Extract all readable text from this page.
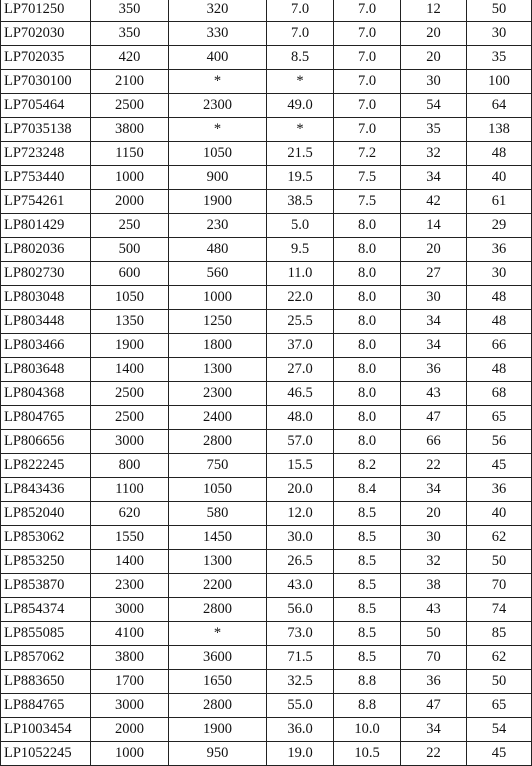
LP701250	350	320	7.0	7.0	12	50
LP702030	350	330	7.0	7.0	20	30
LP702035	420	400	8.5	7.0	20	35
LP7030100	2100	*	*	7.0	30	100
LP705464	2500	2300	49.0	7.0	54	64
LP7035138	3800	*	*	7.0	35	138
LP723248	1150	1050	21.5	7.2	32	48
LP753440	1000	900	19.5	7.5	34	40
LP754261	2000	1900	38.5	7.5	42	61
LP801429	250	230	5.0	8.0	14	29
LP802036	500	480	9.5	8.0	20	36
LP802730	600	560	11.0	8.0	27	30
LP803048	1050	1000	22.0	8.0	30	48
LP803448	1350	1250	25.5	8.0	34	48
LP803466	1900	1800	37.0	8.0	34	66
LP803648	1400	1300	27.0	8.0	36	48
LP804368	2500	2300	46.5	8.0	43	68
LP804765	2500	2400	48.0	8.0	47	65
LP806656	3000	2800	57.0	8.0	66	56
LP822245	800	750	15.5	8.2	22	45
LP843436	1100	1050	20.0	8.4	34	36
LP852040	620	580	12.0	8.5	20	40
LP853062	1550	1450	30.0	8.5	30	62
LP853250	1400	1300	26.5	8.5	32	50
LP853870	2300	2200	43.0	8.5	38	70
LP854374	3000	2800	56.0	8.5	43	74
LP855085	4100	*	73.0	8.5	50	85
LP857062	3800	3600	71.5	8.5	70	62
LP883650	1700	1650	32.5	8.8	36	50
LP884765	3000	2800	55.0	8.8	47	65
LP1003454	2000	1900	36.0	10.0	34	54
LP1052245	1000	950	19.0	10.5	22	45
